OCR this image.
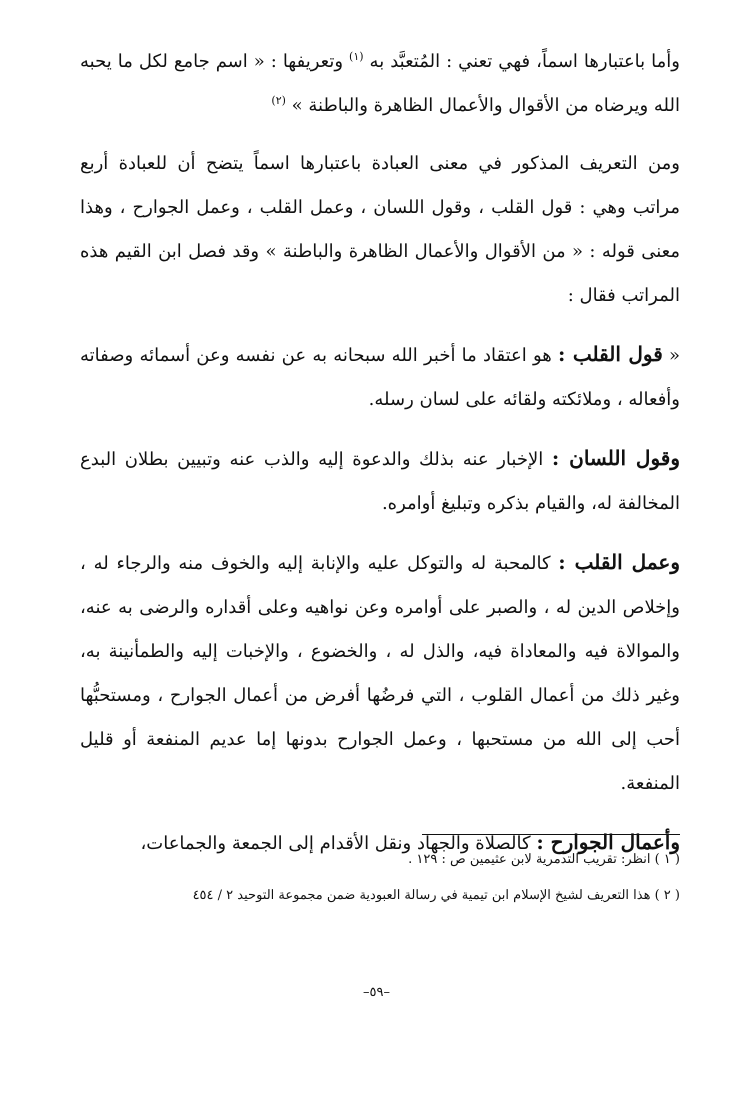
وأما باعتبارها اسماً، فهي تعني : المُتعبَّد به $^{(١)}$ وتعريفها : « اسم جامع لكل ما يحبه الله ويرضاه من الأقوال والأعمال الظاهرة والباطنة » $^{(٢)}$

ومن التعريف المذكور في معنى العبادة باعتبارها اسماً يتضح أن للعبادة أربع مراتب وهي : قول القلب ، وقول اللسان ، وعمل القلب ، وعمل الجوارح ، وهذا معنى قوله : « من الأقوال والأعمال الظاهرة والباطنة » وقد فصل ابن القيم هذه المراتب فقال :

« قول القلب : هو اعتقاد ما أخبر الله سبحانه به عن نفسه وعن أسمائه وصفاته وأفعاله ، وملائكته ولقائه على لسان رسله.

وقول اللسان : الإخبار عنه بذلك والدعوة إليه والذب عنه وتبيين بطلان البدع المخالفة له، والقيام بذكره وتبليغ أوامره.

وعمل القلب : كالمحبة له والتوكل عليه والإنابة إليه والخوف منه والرجاء له ، وإخلاص الدين له ، والصبر على أوامره وعن نواهيه وعلى أقداره والرضى به عنه، والموالاة فيه والمعاداة فيه، والذل له ، والخضوع ، والإخبات إليه والطمأنينة به، وغير ذلك من أعمال القلوب ، التي فرضُها أفرض من أعمال الجوارح ، ومستحبُّها أحب إلى الله من مستحبها ، وعمل الجوارح بدونها إما عديم المنفعة أو قليل المنفعة.

وأعمال الجوارح : كالصلاة والجهاد ونقل الأقدام إلى الجمعة والجماعات،

( ١ ) انظر: تقريب التدمرية لابن عثيمين ص : ١٢٩ .
( ٢ ) هذا التعريف لشيخ الإسلام ابن تيمية في رسالة العبودية ضمن مجموعة التوحيد ٢ / ٤٥٤
–٥٩–
